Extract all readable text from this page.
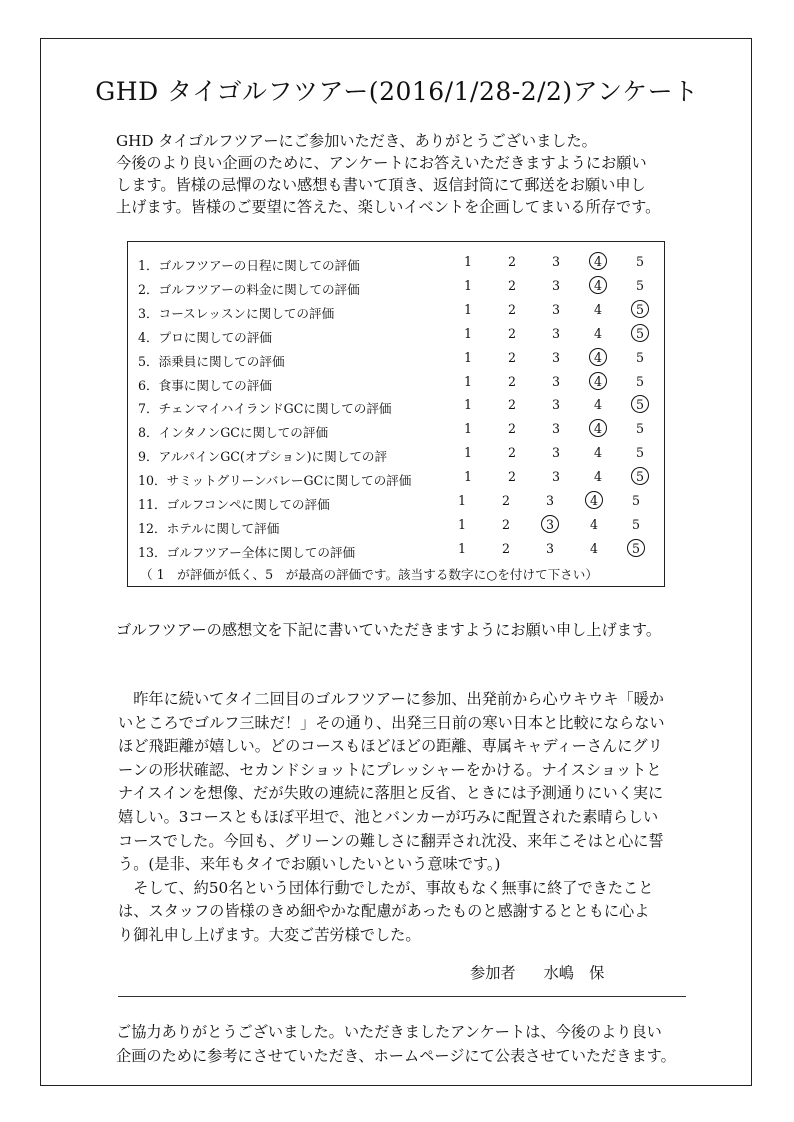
GHD タイゴルフツアー(2016/1/28-2/2)アンケート

GHD タイゴルフツアーにご参加いただき、ありがとうございました。

今後のより良い企画のために、アンケートにお答えいただきますようにお願い

します。皆様の忌憚のない感想も書いて頂き、返信封筒にて郵送をお願い申し

上げます。皆様のご要望に答えた、楽しいイベントを企画してまいる所存です。

（ 1　が評価が低く、5　が最高の評価です。該当する数字に○を付けて下さい）
1．ゴルフツアーの日程に関しての評価	1	2	3	4	5
2．ゴルフツアーの料金に関しての評価	1	2	3	4	5
3．コースレッスンに関しての評価	1	2	3	4	5
4．プロに関しての評価	1	2	3	4	5
5．添乗員に関しての評価	1	2	3	4	5
6．食事に関しての評価	1	2	3	4	5
7．チェンマイハイランドGCに関しての評価	1	2	3	4	5
8．インタノンGCに関しての評価	1	2	3	4	5
9．アルパインGC(オプション)に関しての評	1	2	3	4	5
10．サミットグリーンバレーGCに関しての評価	1	2	3	4	5
11．ゴルフコンペに関しての評価	1	2	3	4	5
12．ホテルに関して評価	1	2	3	4	5
13．ゴルフツアー全体に関しての評価	1	2	3	4	5

ゴルフツアーの感想文を下記に書いていただきますようにお願い申し上げます。

　昨年に続いてタイ二回目のゴルフツアーに参加、出発前から心ウキウキ「暖か

いところでゴルフ三昧だ！」その通り、出発三日前の寒い日本と比較にならない

ほど飛距離が嬉しい。どのコースもほどほどの距離、専属キャディーさんにグリ

ーンの形状確認、セカンドショットにプレッシャーをかける。ナイスショットと

ナイスインを想像、だが失敗の連続に落胆と反省、ときには予測通りにいく実に

嬉しい。3コースともほぼ平坦で、池とバンカーが巧みに配置された素晴らしい

コースでした。今回も、グリーンの難しさに翻弄され沈没、来年こそはと心に誓

う。(是非、来年もタイでお願いしたいという意味です。)

　そして、約50名という団体行動でしたが、事故もなく無事に終了できたこと

は、スタッフの皆様のきめ細やかな配慮があったものと感謝するとともに心よ

り御礼申し上げます。大変ご苦労様でした。

参加者 水嶋　保

ご協力ありがとうございました。いただきましたアンケートは、今後のより良い

企画のために参考にさせていただき、ホームページにて公表させていただきます。
